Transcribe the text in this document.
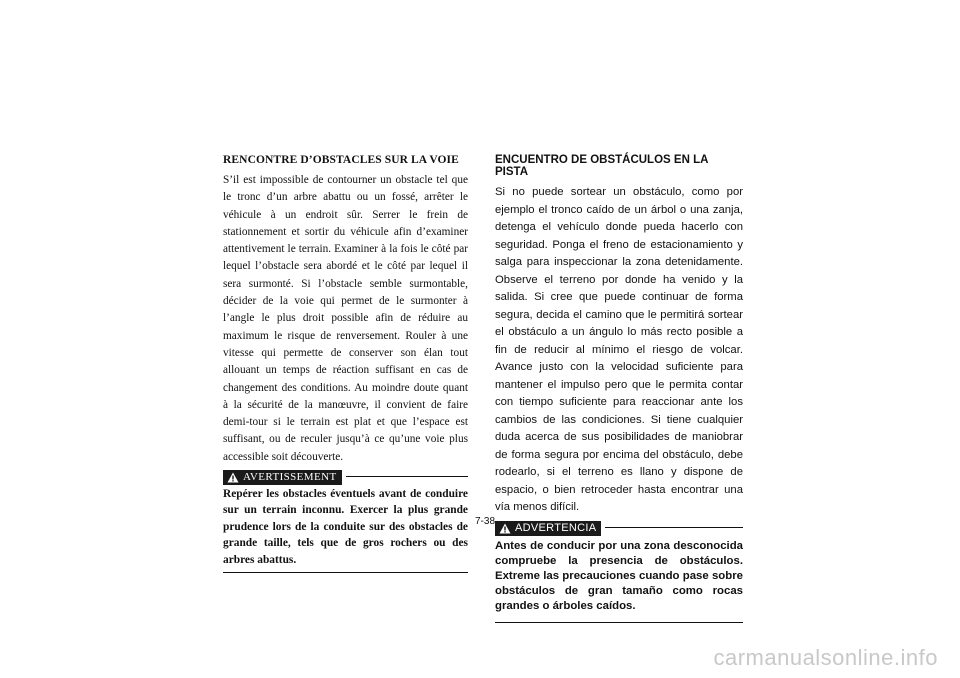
RENCONTRE D’OBSTACLES SUR LA VOIE

S’il est impossible de contourner un obstacle tel que le tronc d’un arbre abattu ou un fossé, arrêter le véhicule à un endroit sûr. Serrer le frein de stationnement et sortir du véhicule afin d’examiner attentivement le terrain. Examiner à la fois le côté par lequel l’obstacle sera abordé et le côté par lequel il sera surmonté. Si l’obstacle semble surmontable, décider de la voie qui permet de le surmonter à l’angle le plus droit possible afin de réduire au maximum le risque de renversement. Rouler à une vitesse qui permette de conserver son élan tout allouant un temps de réaction suffisant en cas de changement des conditions. Au moindre doute quant à la sécurité de la manœuvre, il convient de faire demi-tour si le terrain est plat et que l’espace est suffisant, ou de reculer jusqu’à ce qu’une voie plus accessible soit découverte.

AVERTISSEMENT

Repérer les obstacles éventuels avant de conduire sur un terrain inconnu. Exercer la plus grande prudence lors de la conduite sur des obstacles de grande taille, tels que de gros rochers ou des arbres abattus.

ENCUENTRO DE OBSTÁCULOS EN LA PISTA

Si no puede sortear un obstáculo, como por ejemplo el tronco caído de un árbol o una zanja, detenga el vehículo donde pueda hacerlo con seguridad. Ponga el freno de estacionamiento y salga para inspeccionar la zona detenidamente. Observe el terreno por donde ha venido y la salida. Si cree que puede continuar de forma segura, decida el camino que le permitirá sortear el obstáculo a un ángulo lo más recto posible a fin de reducir al mínimo el riesgo de volcar. Avance justo con la velocidad suficiente para mantener el impulso pero que le permita contar con tiempo suficiente para reaccionar ante los cambios de las condiciones. Si tiene cualquier duda acerca de sus posibilidades de maniobrar de forma segura por encima del obstáculo, debe rodearlo, si el terreno es llano y dispone de espacio, o bien retroceder hasta encontrar una vía menos difícil.

ADVERTENCIA

Antes de conducir por una zona desconocida compruebe la presencia de obstáculos. Extreme las precauciones cuando pase sobre obstáculos de gran tamaño como rocas grandes o árboles caídos.

7-38
carmanualsonline.info
